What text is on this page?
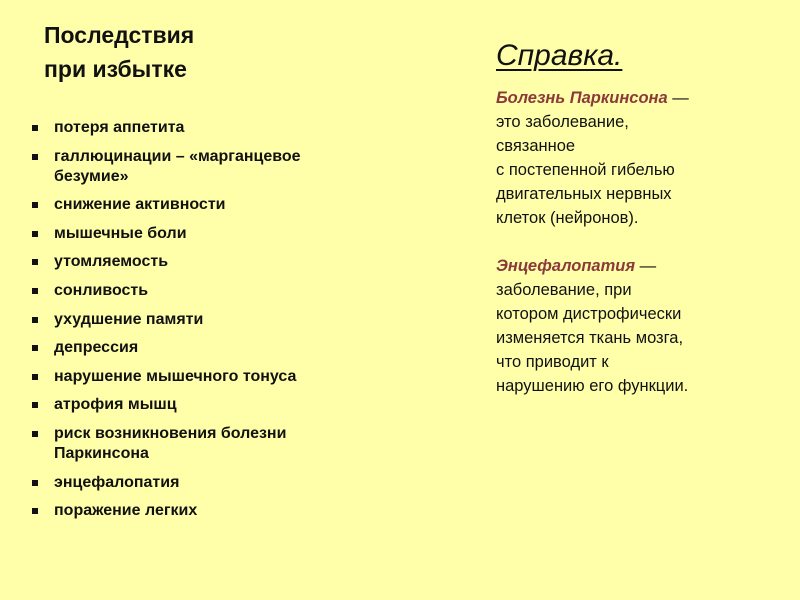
Последствия
при избытке
потеря аппетита
галлюцинации – «марганцевое
безумие»
снижение активности
мышечные боли
утомляемость
сонливость
ухудшение памяти
депрессия
нарушение мышечного тонуса
атрофия мышц
риск возникновения болезни
Паркинсона
энцефалопатия
поражение легких
Справка.
Болезнь Паркинсона —
это заболевание,
связанное
с постепенной гибелью
двигательных нервных
клеток (нейронов).
Энцефалопатия —
заболевание, при
котором дистрофически
изменяется ткань мозга,
что приводит к
нарушению его функции.
